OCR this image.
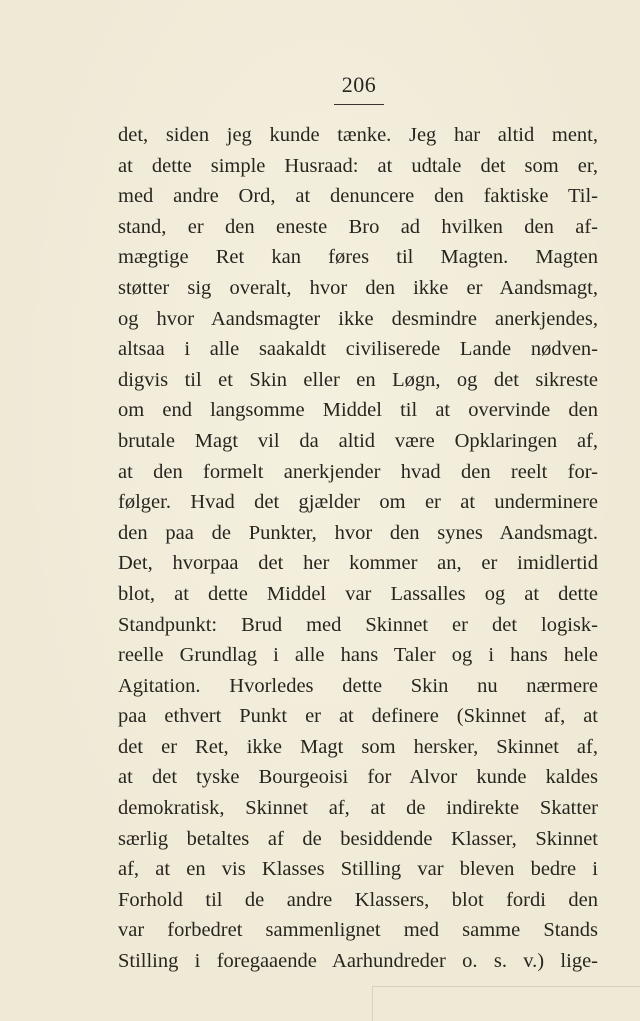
206
det, siden jeg kunde tænke. Jeg har altid ment,
at dette simple Husraad: at udtale det som er,
med andre Ord, at denuncere den faktiske Til-
stand, er den eneste Bro ad hvilken den af-
mægtige Ret kan føres til Magten. Magten
støtter sig overalt, hvor den ikke er Aandsmagt,
og hvor Aandsmagter ikke desmindre anerkjendes,
altsaa i alle saakaldt civiliserede Lande nødven-
digvis til et Skin eller en Løgn, og det sikreste
om end langsomme Middel til at overvinde den
brutale Magt vil da altid være Opklaringen af,
at den formelt anerkjender hvad den reelt for-
følger. Hvad det gjælder om er at underminere
den paa de Punkter, hvor den synes Aandsmagt.
Det, hvorpaa det her kommer an, er imidlertid
blot, at dette Middel var Lassalles og at dette
Standpunkt: Brud med Skinnet er det logisk-
reelle Grundlag i alle hans Taler og i hans hele
Agitation. Hvorledes dette Skin nu nærmere
paa ethvert Punkt er at definere (Skinnet af, at
det er Ret, ikke Magt som hersker, Skinnet af,
at det tyske Bourgeoisi for Alvor kunde kaldes
demokratisk, Skinnet af, at de indirekte Skatter
særlig betaltes af de besiddende Klasser, Skinnet
af, at en vis Klasses Stilling var bleven bedre i
Forhold til de andre Klassers, blot fordi den
var forbedret sammenlignet med samme Stands
Stilling i foregaaende Aarhundreder o. s. v.) lige-
